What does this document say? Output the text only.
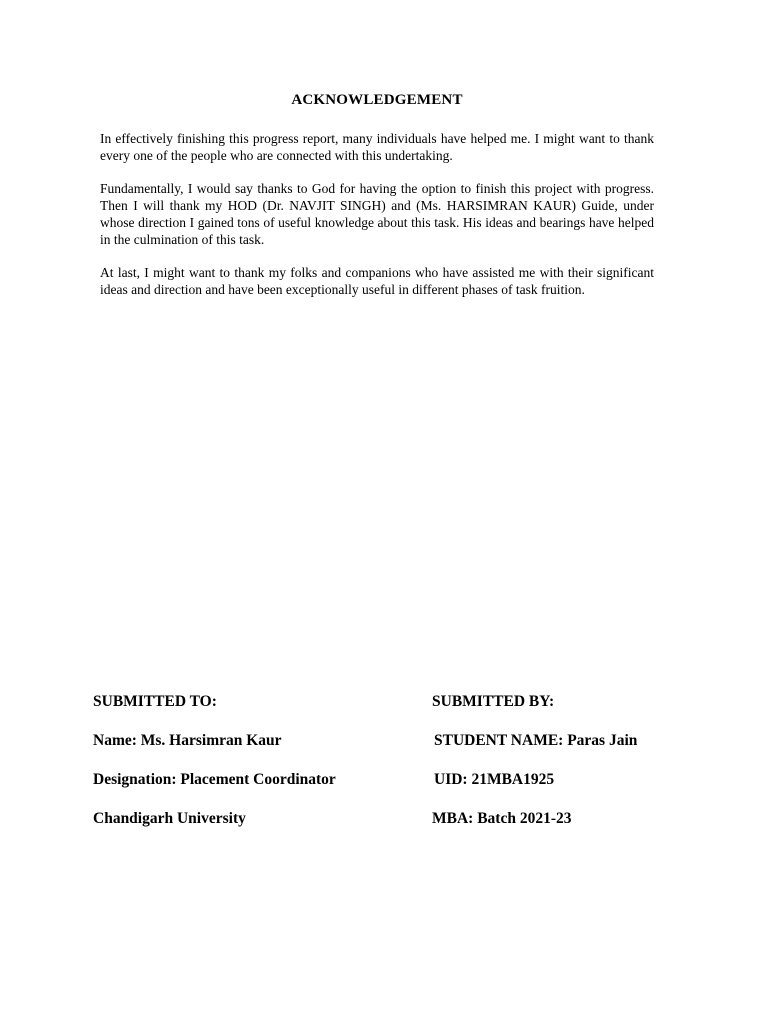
ACKNOWLEDGEMENT

In effectively finishing this progress report, many individuals have helped me. I might want to thank every one of the people who are connected with this undertaking.

Fundamentally, I would say thanks to God for having the option to finish this project with progress. Then I will thank my HOD (Dr. NAVJIT SINGH) and (Ms. HARSIMRAN KAUR) Guide, under whose direction I gained tons of useful knowledge about this task. His ideas and bearings have helped in the culmination of this task.

At last, I might want to thank my folks and companions who have assisted me with their significant ideas and direction and have been exceptionally useful in different phases of task fruition.

SUBMITTED TO:
Name: Ms. Harsimran Kaur
Designation: Placement Coordinator
Chandigarh University
SUBMITTED BY:
STUDENT NAME: Paras Jain
UID: 21MBA1925
MBA: Batch 2021-23
